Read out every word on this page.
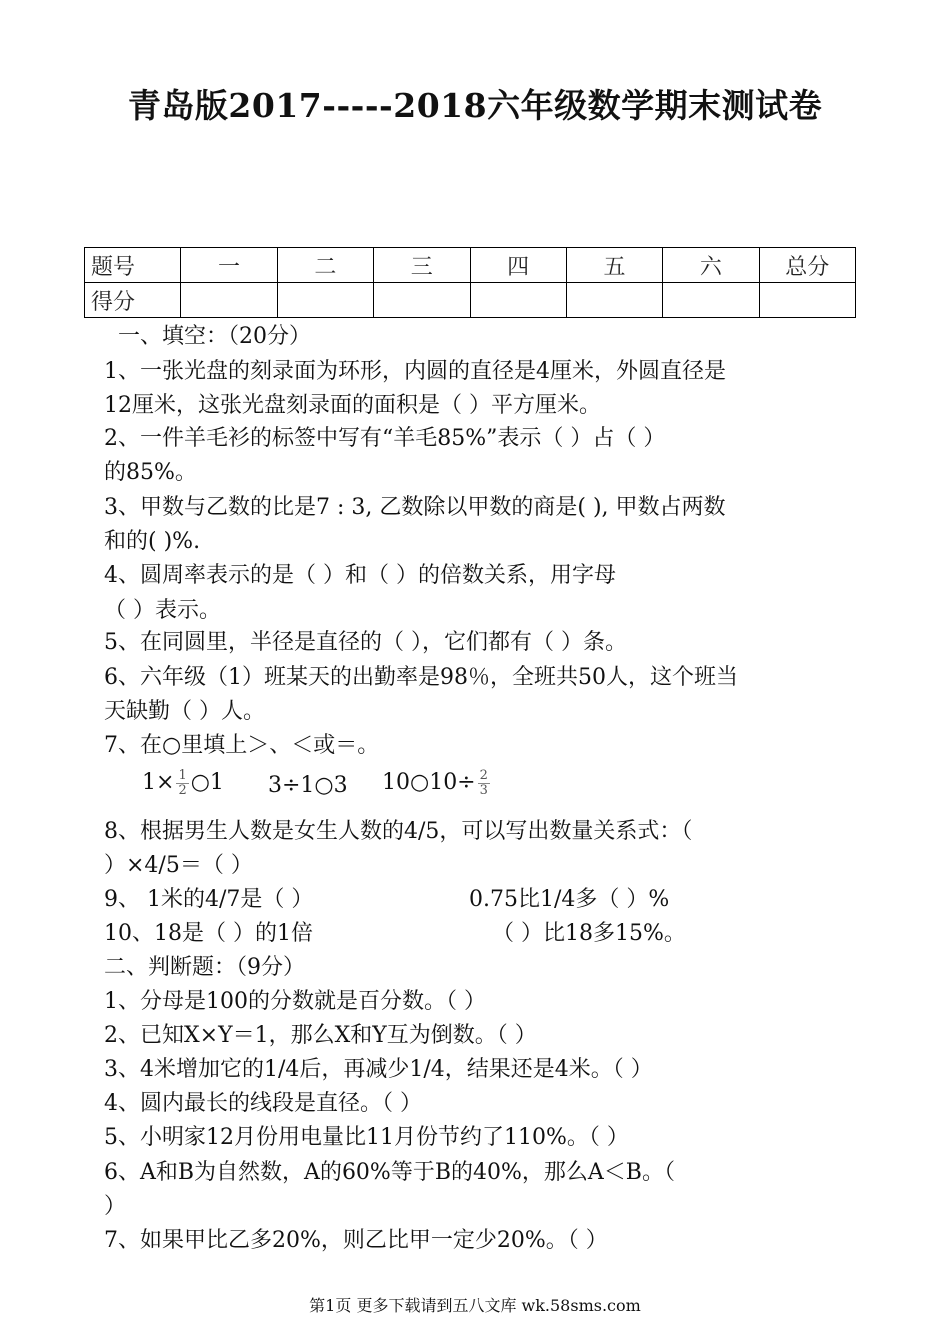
青岛版2017-----2018六年级数学期末测试卷
题号	一	二	三	四	五	六	总分
得分							
一、填空：（20分）
1、一张光盘的刻录面为环形，内圆的直径是4厘米，外圆直径是
12厘米，这张光盘刻录面的面积是（ ）平方厘米。
2、一件羊毛衫的标签中写有“羊毛85%”表示（ ）占（ ）
的85%。
3、甲数与乙数的比是7 : 3, 乙数除以甲数的商是( ), 甲数占两数
和的( )%.
4、圆周率表示的是（ ）和（ ）的倍数关系，用字母
（ ）表示。
5、在同圆里，半径是直径的（ ），它们都有（ ）条。
6、六年级（1）班某天的出勤率是98％，全班共50人，这个班当
天缺勤（ ）人。
7、在○里填上＞、＜或＝。
$1\times \frac{1}{2}$ ○1 3÷1○3 10○10÷ $\frac{2}{3}$
8、根据男生人数是女生人数的4/5，可以写出数量关系式：（
）×4/5＝（ ）
9、 1米的4/7是（ ）	0.75比1/4多（ ）%
10、18是（ ）的1倍	（ ）比18多15%。
二、判断题：（9分）
1、分母是100的分数就是百分数。（ ）
2、已知X×Y＝1，那么X和Y互为倒数。（ ）
3、4米增加它的1/4后，再减少1/4，结果还是4米。（ ）
4、圆内最长的线段是直径。（ ）
5、小明家12月份用电量比11月份节约了110%。（ ）
6、A和B为自然数，A的60%等于B的40%，那么A＜B。（
）
7、如果甲比乙多20%，则乙比甲一定少20%。（ ）
第1页 更多下载请到五八文库 wk.58sms.com
